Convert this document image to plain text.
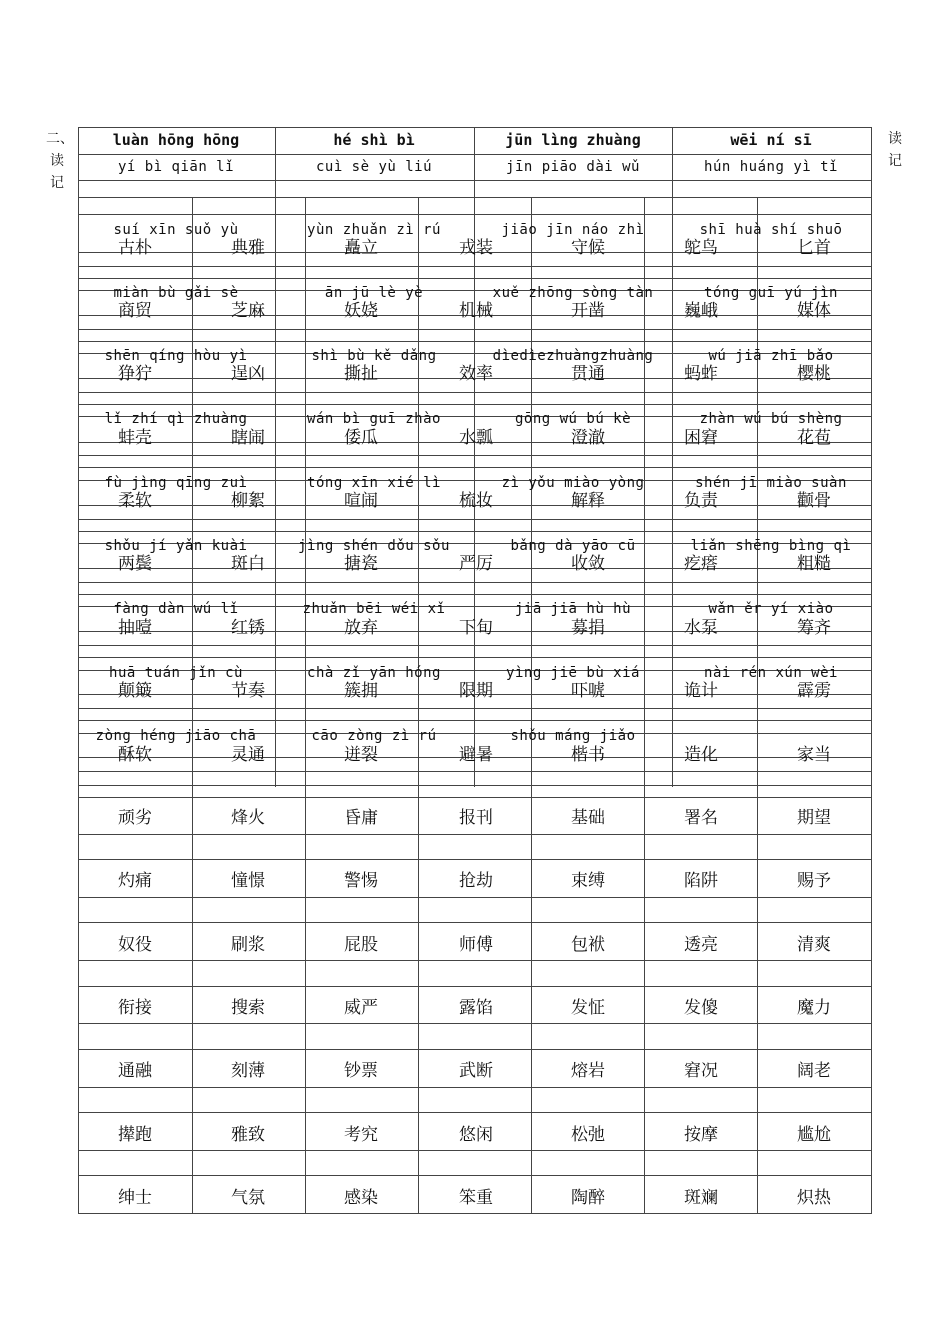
二、
读
记
读
记
luàn hōng hōng	hé shì bì	jūn lìng zhuàng	wēi ní sī
yí bì qiān lǐ	cuì sè yù liú	jīn piāo dài wǔ	hún huáng yì tǐ
suí xīn suǒ yù	yùn zhuǎn zì rú	jiāo jīn náo zhì	shī huà shí shuō
miàn bù gǎi sè	ān jū lè yè	xuě zhōng sòng tàn	tóng guī yú jìn
shēn qíng hòu yì	shì bù kě dǎng	dìedìezhuàngzhuàng	wú jiā zhī bǎo
lǐ zhí qì zhuàng	wán bì guī zhào	gōng wú bú kè	zhàn wú bú shèng
fù jìng qīng zuì	tóng xīn xié lì	zì yǒu miào yòng	shén jī miào suàn
shǒu jí yǎn kuài	jìng shén dǒu sǒu	bǎng dà yāo cū	liǎn shēng bìng qì
fàng dàn wú lǐ	zhuǎn bēi wéi xǐ	jiā jiā hù hù	wǎn ěr yí xiào
huā tuán jǐn cù	chà zǐ yān hóng	yìng jiē bù xiá	nài rén xún wèi
zòng héng jiāo chā	cāo zòng zì rú	shǒu máng jiǎo
古朴	典雅	矗立	戎装	守候	鸵鸟	匕首
商贸	芝麻	妖娆	机械	开凿	巍峨	媒体
狰狞	逞凶	撕扯	效率	贯通	蚂蚱	樱桃
蚌壳	瞎闹	倭瓜	水瓢	澄澈	困窘	花苞
柔软	柳絮	喧闹	梳妆	解释	负责	颧骨
两鬓	斑白	搪瓷	严厉	收敛	疙瘩	粗糙
抽噎	红锈	放弃	下旬	募捐	水泵	筹齐
颠簸	节奏	簇拥	限期	吓唬	诡计	霹雳
酥软	灵通	迸裂	避暑	楷书	造化	家当
顽劣	烽火	昏庸	报刊	基础	署名	期望
灼痛	憧憬	警惕	抢劫	束缚	陷阱	赐予
奴役	刷浆	屁股	师傅	包袱	透亮	清爽
衔接	搜索	威严	露馅	发怔	发傻	魔力
通融	刻薄	钞票	武断	熔岩	窘况	阔老
撵跑	雅致	考究	悠闲	松弛	按摩	尴尬
绅士	气氛	感染	笨重	陶醉	斑斓	炽热
